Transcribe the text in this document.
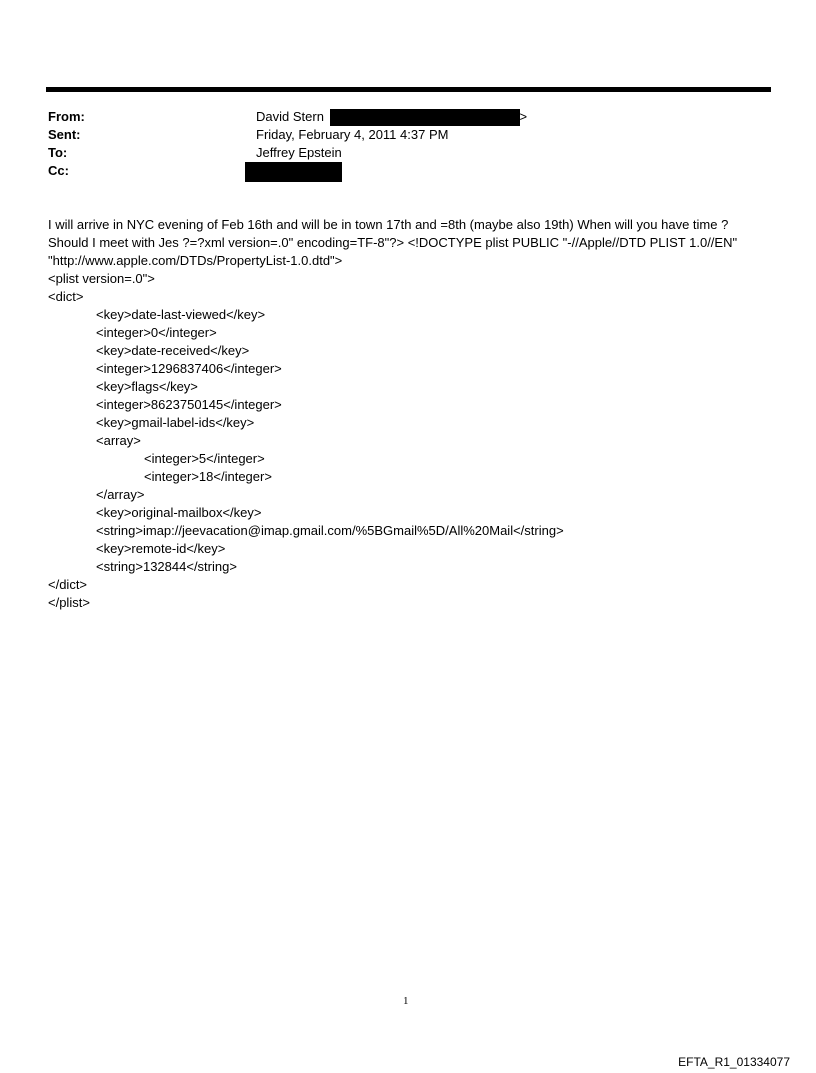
From:	David Stern	>
Sent:	Friday, February 4, 2011 4:37 PM
To:	Jeffrey Epstein
Cc:
I will arrive in NYC evening of Feb 16th and will be in town 17th and =8th (maybe also 19th) When will you have time ?
Should I meet with Jes ?=?xml version=.0" encoding=TF-8"?> <!DOCTYPE plist PUBLIC "-//Apple//DTD PLIST 1.0//EN"
"http://www.apple.com/DTDs/PropertyList-1.0.dtd">
<plist version=.0">
<dict>
<key>date-last-viewed</key>
<integer>0</integer>
<key>date-received</key>
<integer>1296837406</integer>
<key>flags</key>
<integer>8623750145</integer>
<key>gmail-label-ids</key>
<array>
<integer>5</integer>
<integer>18</integer>
</array>
<key>original-mailbox</key>
<string>imap://jeevacation@imap.gmail.com/%5BGmail%5D/All%20Mail</string>
<key>remote-id</key>
<string>132844</string>
</dict>
</plist>
1
EFTA_R1_01334077
